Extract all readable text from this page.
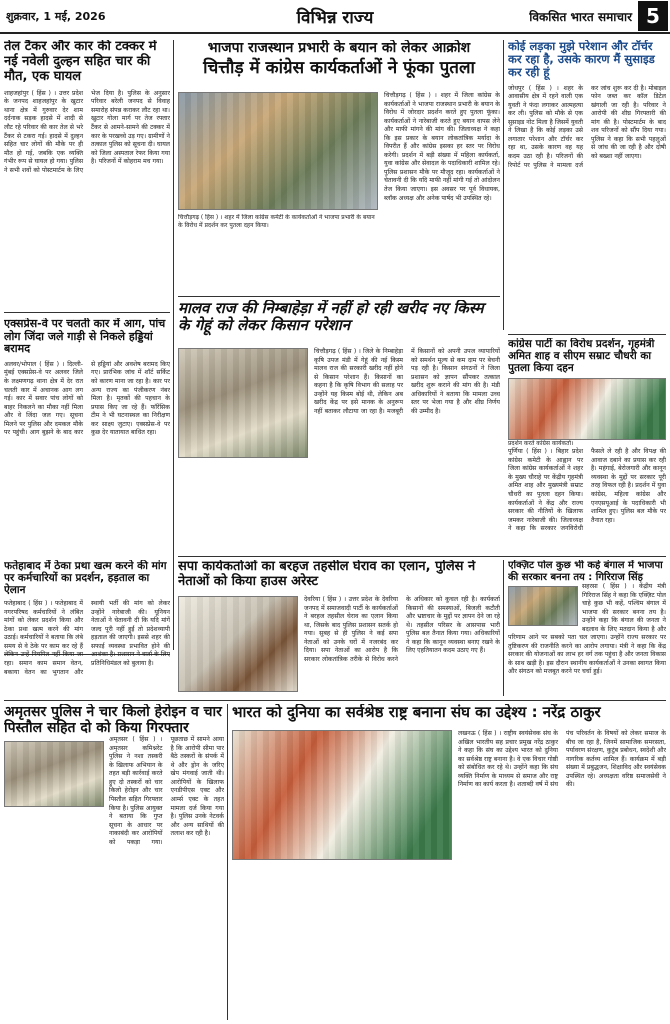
शुक्रवार, 1 मई, 2026	विभिन्न राज्य	विकसित भारत समाचार 5
तेल टैंकर और कार की टक्कर में नई नवेली दुल्हन सहित चार की मौत, एक घायल
शाहजहांपुर ( हिंस ) । उत्तर प्रदेश के जनपद शाहजहांपुर के खुटार थाना क्षेत्र में गुरुवार देर शाम दर्दनाक सड़क हादसे में शादी से लौट रहे परिवार की कार तेल से भरे टैंकर से टकरा गई। हादसे में दुल्हन सहित चार लोगों की मौके पर ही मौत हो गई, जबकि एक व्यक्ति गंभीर रूप से घायल हो गया। पुलिस ने सभी शवों को पोस्टमार्टम के लिए भेज दिया है। पुलिस के अनुसार परिवार बरेली जनपद से विवाह समारोह संपन्न कराकर लौट रहा था। खुटार गोला मार्ग पर तेज रफ्तार टैंकर से आमने-सामने की टक्कर में कार के परखच्चे उड़ गए। ग्रामीणों ने तत्काल पुलिस को सूचना दी। घायल को जिला अस्पताल रेफर किया गया है। परिजनों में कोहराम मच गया।
एक्सप्रेस-वे पर चलती कार में आग, पांच लोग जिंदा जले गाड़ी से निकले हड्डियां बरामद
अलवर/भोपाल ( हिंस ) । दिल्ली-मुंबई एक्सप्रेस-वे पर अलवर जिले के लक्ष्मणगढ़ थाना क्षेत्र में देर रात चलती कार में अचानक आग लग गई। कार में सवार पांच लोगों को बाहर निकलने का मौका नहीं मिला और वे जिंदा जल गए। सूचना मिलने पर पुलिस और दमकल मौके पर पहुंची। आग बुझने के बाद कार से हड्डियां और अवशेष बरामद किए गए। प्रारंभिक जांच में शॉर्ट सर्किट को कारण माना जा रहा है। कार पर अन्य राज्य का पंजीकरण नंबर मिला है। मृतकों की पहचान के प्रयास किए जा रहे हैं। फॉरेंसिक टीम ने भी घटनास्थल का निरीक्षण कर साक्ष्य जुटाए। एक्सप्रेस-वे पर कुछ देर यातायात बाधित रहा।
भाजपा राजस्थान प्रभारी के बयान को लेकर आक्रोश
चित्तौड़ में कांग्रेस कार्यकर्ताओं ने फूंका पुतला
चित्तौड़गढ़ ( हिंस ) । शहर में जिला कांग्रेस कमेटी के कार्यकर्ताओं ने भाजपा प्रभारी के बयान के विरोध में प्रदर्शन कर पुतला दहन किया।
चित्तौड़गढ़ ( हिंस ) । शहर में जिला कांग्रेस के कार्यकर्ताओं ने भाजपा राजस्थान प्रभारी के बयान के विरोध में जोरदार प्रदर्शन करते हुए पुतला फूंका। कार्यकर्ताओं ने नारेबाजी करते हुए बयान वापस लेने और माफी मांगने की मांग की। जिलाध्यक्ष ने कहा कि इस प्रकार के बयान लोकतांत्रिक मर्यादा के विपरीत हैं और कांग्रेस इसका हर स्तर पर विरोध करेगी। प्रदर्शन में बड़ी संख्या में महिला कार्यकर्ता, युवा कांग्रेस और सेवादल के पदाधिकारी शामिल रहे। पुलिस प्रशासन मौके पर मौजूद रहा। कार्यकर्ताओं ने चेतावनी दी कि यदि माफी नहीं मांगी गई तो आंदोलन तेज किया जाएगा। इस अवसर पर पूर्व विधायक, ब्लॉक अध्यक्ष और अनेक पार्षद भी उपस्थित रहे।
कोई लड़का मुझे परेशान और टॉर्चर कर रहा है, उसके कारण मैं सुसाइड कर रही हूं
जोधपुर ( हिंस ) । शहर के आवासीय क्षेत्र में रहने वाली एक युवती ने फंदा लगाकर आत्महत्या कर ली। पुलिस को मौके से एक सुसाइड नोट मिला है जिसमें युवती ने लिखा है कि कोई लड़का उसे लगातार परेशान और टॉर्चर कर रहा था, उसके कारण वह यह कदम उठा रही है। परिजनों की रिपोर्ट पर पुलिस ने मामला दर्ज कर जांच शुरू कर दी है। मोबाइल फोन जब्त कर कॉल डिटेल खंगाली जा रही है। परिवार ने आरोपी की शीघ्र गिरफ्तारी की मांग की है। पोस्टमार्टम के बाद शव परिजनों को सौंप दिया गया। पुलिस ने कहा कि सभी पहलुओं से जांच की जा रही है और दोषी को बख्शा नहीं जाएगा।
मालव राज की निम्बाहेड़ा में नहीं हो रही खरीद नए किस्म के गेहूं को लेकर किसान परेशान
चित्तौड़गढ़ ( हिंस ) । जिले के निम्बाहेड़ा कृषि उपज मंडी में गेहूं की नई किस्म मालव राज की सरकारी खरीद नहीं होने से किसान परेशान हैं। किसानों का कहना है कि कृषि विभाग की सलाह पर उन्होंने यह किस्म बोई थी, लेकिन अब खरीद केंद्र पर इसे मानक के अनुरूप नहीं बताकर लौटाया जा रहा है। मजबूरी में किसानों को अपनी उपज व्यापारियों को समर्थन मूल्य से कम दाम पर बेचनी पड़ रही है। किसान संगठनों ने जिला प्रशासन को ज्ञापन सौंपकर तत्काल खरीद शुरू कराने की मांग की है। मंडी अधिकारियों ने बताया कि मामला उच्च स्तर पर भेजा गया है और शीघ्र निर्णय की उम्मीद है।
कांग्रेस पार्टी का विरोध प्रदर्शन, गृहमंत्री अमित शाह व सीएम सम्राट चौधरी का पुतला किया दहन
प्रदर्शन करते कांग्रेस कार्यकर्ता।
पूर्णिया ( हिंस ) । बिहार प्रदेश कांग्रेस कमेटी के आह्वान पर जिला कांग्रेस कार्यकर्ताओं ने शहर के मुख्य चौराहे पर केंद्रीय गृहमंत्री अमित शाह और मुख्यमंत्री सम्राट चौधरी का पुतला दहन किया। कार्यकर्ताओं ने केंद्र और राज्य सरकार की नीतियों के खिलाफ जमकर नारेबाजी की। जिलाध्यक्ष ने कहा कि सरकार जनविरोधी फैसले ले रही है और विपक्ष की आवाज दबाने का प्रयास कर रही है। महंगाई, बेरोजगारी और कानून व्यवस्था के मुद्दों पर सरकार पूरी तरह विफल रही है। प्रदर्शन में युवा कांग्रेस, महिला कांग्रेस और एनएसयूआई के पदाधिकारी भी शामिल हुए। पुलिस बल मौके पर तैनात रहा।
फतेहाबाद में ठेका प्रथा खत्म करने की मांग पर कर्मचारियों का प्रदर्शन, हड़ताल का ऐलान
फतेहाबाद ( हिंस ) । फतेहाबाद में नगरपरिषद कर्मचारियों ने लंबित मांगों को लेकर प्रदर्शन किया और ठेका प्रथा खत्म करने की मांग उठाई। कर्मचारियों ने बताया कि लंबे समय से वे ठेके पर काम कर रहे हैं लेकिन उन्हें नियमित नहीं किया जा रहा। समान काम समान वेतन, बकाया वेतन का भुगतान और स्थायी भर्ती की मांग को लेकर उन्होंने नारेबाजी की। यूनियन नेताओं ने चेतावनी दी कि यदि मांगें जल्द पूरी नहीं हुईं तो प्रदेशव्यापी हड़ताल की जाएगी। इससे शहर की सफाई व्यवस्था प्रभावित होने की आशंका है। प्रशासन ने वार्ता के लिए प्रतिनिधिमंडल को बुलाया है।
सपा कार्यकर्ताओं का बरहज तहसील घेराव का एलान, पुलिस ने नेताओं को किया हाउस अरेस्ट
देवरिया ( हिंस ) । उत्तर प्रदेश के देवरिया जनपद में समाजवादी पार्टी के कार्यकर्ताओं ने बरहज तहसील घेराव का एलान किया था, जिसके बाद पुलिस प्रशासन सतर्क हो गया। सुबह से ही पुलिस ने कई सपा नेताओं को उनके घरों में नजरबंद कर दिया। सपा नेताओं का आरोप है कि सरकार लोकतांत्रिक तरीके से विरोध करने के अधिकार को कुचल रही है। कार्यकर्ता किसानों की समस्याओं, बिजली कटौती और भ्रष्टाचार के मुद्दों पर ज्ञापन देने जा रहे थे। तहसील परिसर के आसपास भारी पुलिस बल तैनात किया गया। अधिकारियों ने कहा कि कानून व्यवस्था बनाए रखने के लिए एहतियातन कदम उठाए गए हैं।
एक्ज़िट पोल कुछ भी कहे बंगाल में भाजपा की सरकार बनना तय : गिरिराज सिंह
सहरसा ( हिंस ) । केंद्रीय मंत्री गिरिराज सिंह ने कहा कि एक्ज़िट पोल चाहे कुछ भी कहें, पश्चिम बंगाल में भाजपा की सरकार बनना तय है। उन्होंने कहा कि बंगाल की जनता ने बदलाव के लिए मतदान किया है और परिणाम आने पर सबको पता चल जाएगा। उन्होंने राज्य सरकार पर तुष्टिकरण की राजनीति करने का आरोप लगाया। मंत्री ने कहा कि केंद्र सरकार की योजनाओं का लाभ हर वर्ग तक पहुंचा है और जनता विकास के साथ खड़ी है। इस दौरान स्थानीय कार्यकर्ताओं ने उनका स्वागत किया और संगठन को मजबूत करने पर चर्चा हुई।
अमृतसर पुलिस ने चार किलो हेरोइन व चार पिस्तौल सहित दो को किया गिरफ्तार
अमृतसर ( हिंस ) । अमृतसर कमिश्नरेट पुलिस ने नशा तस्करी के खिलाफ अभियान के तहत बड़ी कार्रवाई करते हुए दो तस्करों को चार किलो हेरोइन और चार पिस्तौल सहित गिरफ्तार किया है। पुलिस आयुक्त ने बताया कि गुप्त सूचना के आधार पर नाकाबंदी कर आरोपियों को पकड़ा गया। पूछताछ में सामने आया है कि आरोपी सीमा पार बैठे तस्करों के संपर्क में थे और ड्रोन के जरिए खेप मंगवाई जाती थी। आरोपियों के खिलाफ एनडीपीएस एक्ट और आर्म्स एक्ट के तहत मामला दर्ज किया गया है। पुलिस उनके नेटवर्क और अन्य साथियों की तलाश कर रही है।
भारत को दुनिया का सर्वश्रेष्ठ राष्ट्र बनाना संघ का उद्देश्य : नरेंद्र ठाकुर
लखनऊ ( हिंस ) । राष्ट्रीय स्वयंसेवक संघ के अखिल भारतीय सह प्रचार प्रमुख नरेंद्र ठाकुर ने कहा कि संघ का उद्देश्य भारत को दुनिया का सर्वश्रेष्ठ राष्ट्र बनाना है। वे एक विचार गोष्ठी को संबोधित कर रहे थे। उन्होंने कहा कि संघ व्यक्ति निर्माण के माध्यम से समाज और राष्ट्र निर्माण का कार्य करता है। शताब्दी वर्ष में संघ पंच परिवर्तन के विषयों को लेकर समाज के बीच जा रहा है, जिनमें सामाजिक समरसता, पर्यावरण संरक्षण, कुटुंब प्रबोधन, स्वदेशी और नागरिक कर्तव्य शामिल हैं। कार्यक्रम में बड़ी संख्या में प्रबुद्धजन, शिक्षाविद और स्वयंसेवक उपस्थित रहे। अध्यक्षता वरिष्ठ समाजसेवी ने की।
